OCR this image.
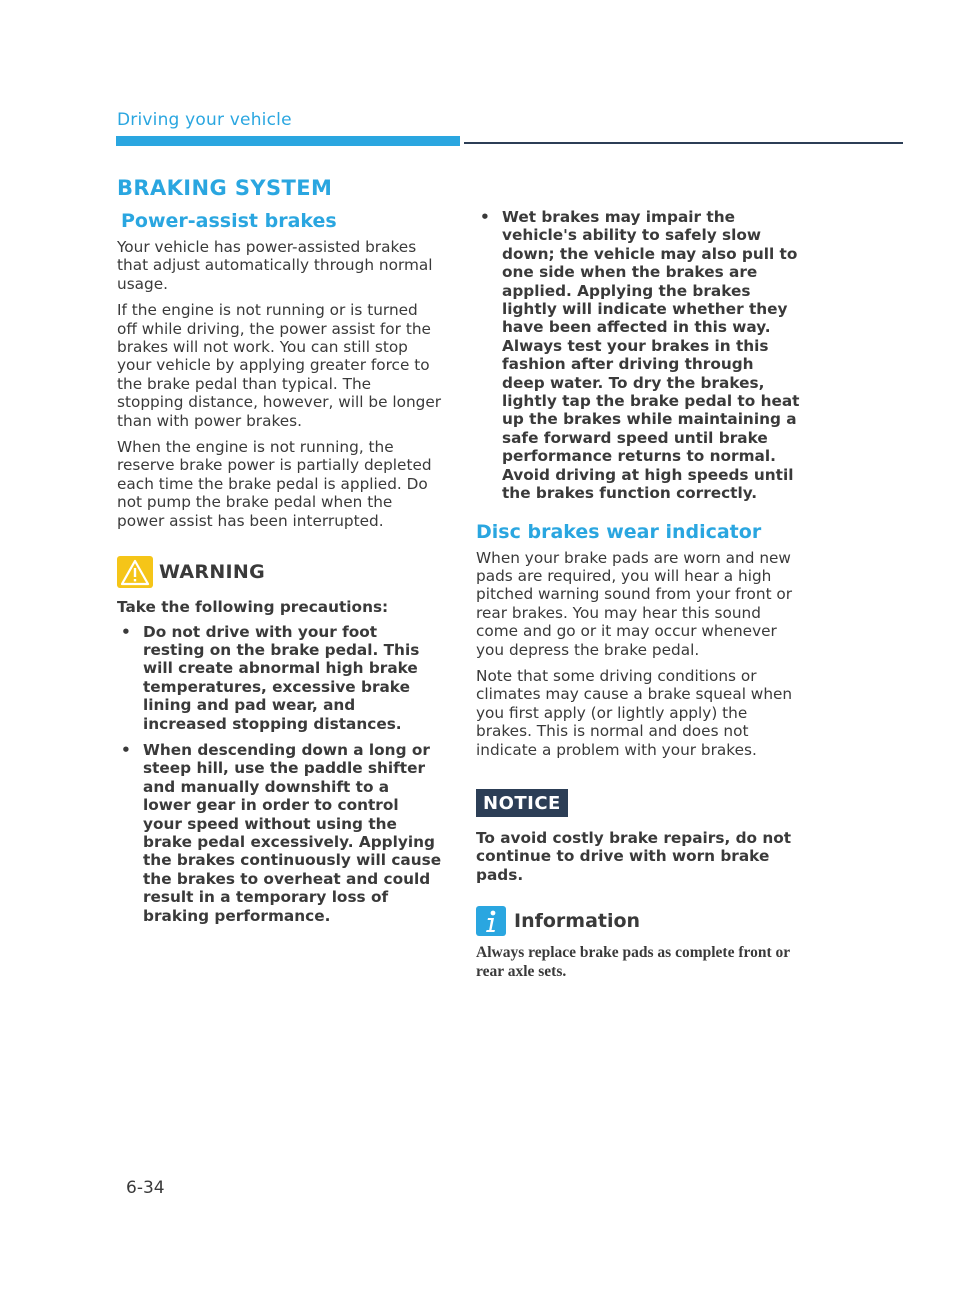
Driving your vehicle
BRAKING SYSTEM
Power-assist brakes

Your vehicle has power-assisted brakes that adjust automatically through normal usage.

If the engine is not running or is turned off while driving, the power assist for the brakes will not work. You can still stop your vehicle by applying greater force to the brake pedal than typical. The stopping distance, however, will be longer than with power brakes.

When the engine is not running, the reserve brake power is partially depleted each time the brake pedal is applied. Do not pump the brake pedal when the power assist has been interrupted.

WARNING

Take the following precautions:

• Do not drive with your foot resting on the brake pedal. This will create abnormal high brake temperatures, excessive brake lining and pad wear, and increased stopping distances.
• When descending down a long or steep hill, use the paddle shifter and manually downshift to a lower gear in order to control your speed without using the brake pedal excessively. Applying the brakes continuously will cause the brakes to overheat and could result in a temporary loss of braking performance.
• Wet brakes may impair the vehicle's ability to safely slow down; the vehicle may also pull to one side when the brakes are applied. Applying the brakes lightly will indicate whether they have been affected in this way. Always test your brakes in this fashion after driving through deep water. To dry the brakes, lightly tap the brake pedal to heat up the brakes while maintaining a safe forward speed until brake performance returns to normal. Avoid driving at high speeds until the brakes function correctly.
Disc brakes wear indicator

When your brake pads are worn and new pads are required, you will hear a high pitched warning sound from your front or rear brakes. You may hear this sound come and go or it may occur whenever you depress the brake pedal.

Note that some driving conditions or climates may cause a brake squeal when you first apply (or lightly apply) the brakes. This is normal and does not indicate a problem with your brakes.

NOTICE

To avoid costly brake repairs, do not continue to drive with worn brake pads.

Information

Always replace brake pads as complete front or rear axle sets.

6-34
